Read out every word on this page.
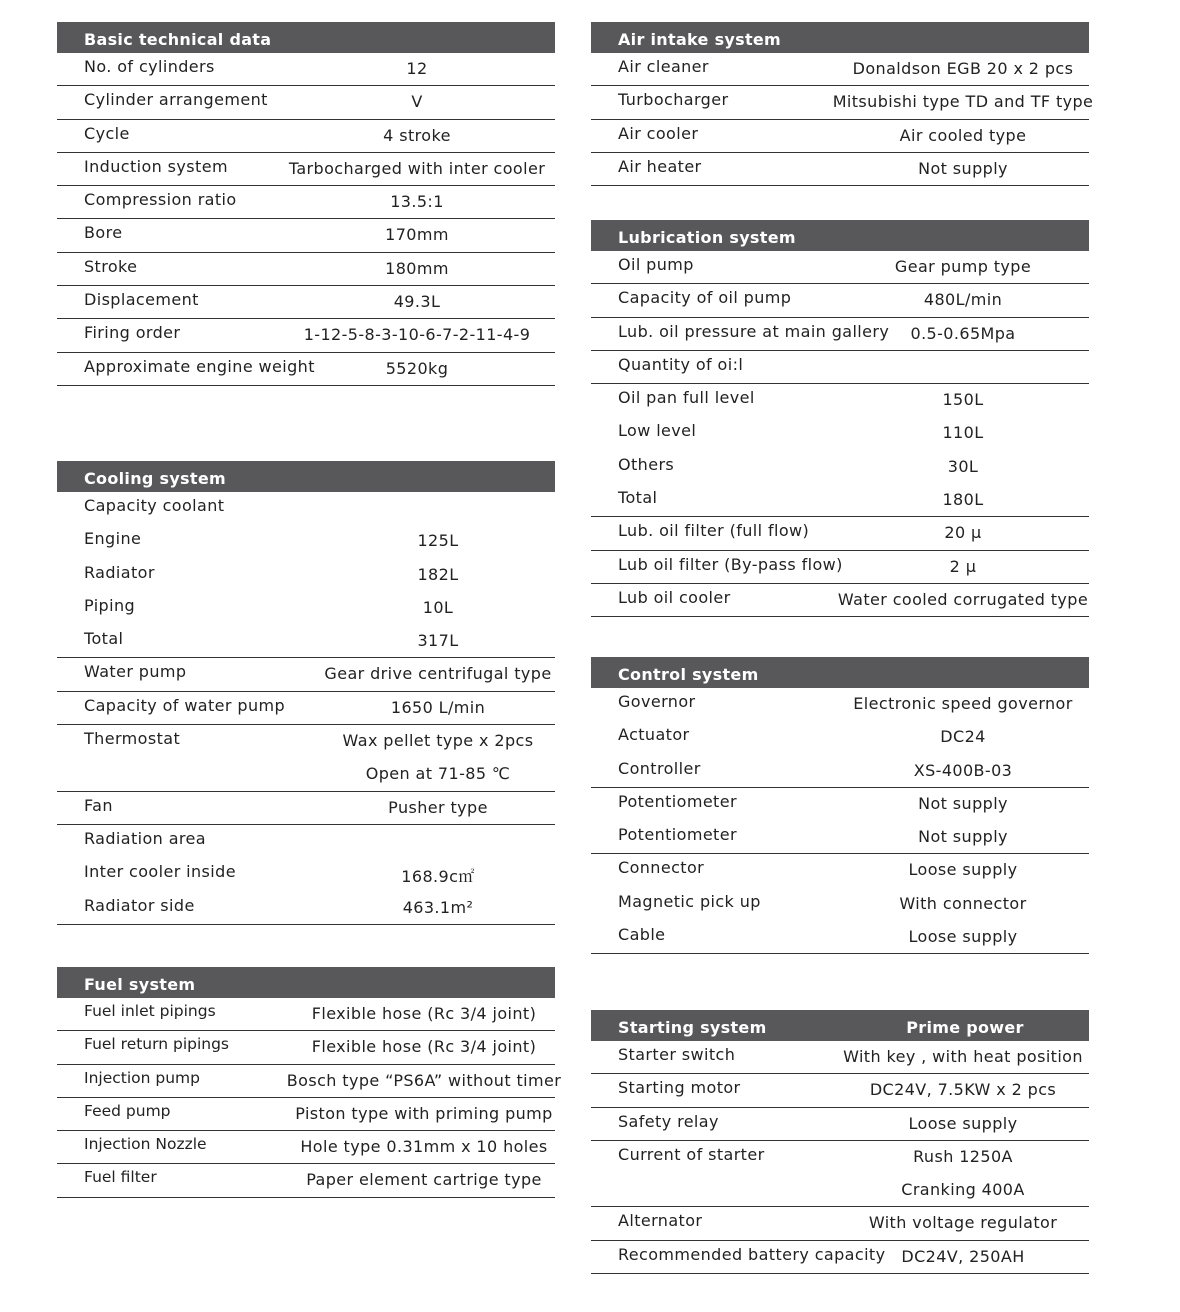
Basic technical data
No. of cylinders	12
Cylinder arrangement	V
Cycle	4 stroke
Induction system	Tarbocharged with inter cooler
Compression ratio	13.5:1
Bore	170mm
Stroke	180mm
Displacement	49.3L
Firing order	1-12-5-8-3-10-6-7-2-11-4-9
Approximate engine weight	5520kg
Cooling system
Capacity coolant
Engine	125L
Radiator	182L
Piping	10L
Total	317L
Water pump	Gear drive centrifugal type
Capacity of water pump	1650 L/min
Thermostat	Wax pellet type x 2pcs
Open at 71-85 ℃
Fan	Pusher type
Radiation area
Inter cooler inside	168.9c㎡
Radiator side	463.1m²
Fuel system
Fuel inlet pipings	Flexible hose (Rc 3/4 joint)
Fuel return pipings	Flexible hose (Rc 3/4 joint)
Injection pump	Bosch type “PS6A” without timer
Feed pump	Piston type with priming pump
Injection Nozzle	Hole type 0.31mm x 10 holes
Fuel filter	Paper element cartrige type
Air intake system
Air cleaner	Donaldson EGB 20 x 2 pcs
Turbocharger	Mitsubishi type TD and TF type
Air cooler	Air cooled type
Air heater	Not supply
Lubrication system
Oil pump	Gear pump type
Capacity of oil pump	480L/min
Lub. oil pressure at main gallery 0.5-0.65Mpa
Quantity of oi:l
Oil pan full level	150L
Low level	110L
Others	30L
Total	180L
Lub. oil filter (full flow)	20 μ
Lub oil filter (By-pass flow)	2 μ
Lub oil cooler	Water cooled corrugated type
Control system
Governor	Electronic speed governor
Actuator	DC24
Controller	XS-400B-03
Potentiometer	Not supply
Potentiometer	Not supply
Connector	Loose supply
Magnetic pick up	With connector
Cable	Loose supply
Starting system	Prime power
Starter switch	With key , with heat position
Starting motor	DC24V, 7.5KW x 2 pcs
Safety relay	Loose supply
Current of starter	Rush 1250A
Cranking 400A
Alternator	With voltage regulator
Recommended battery capacity DC24V, 250AH
